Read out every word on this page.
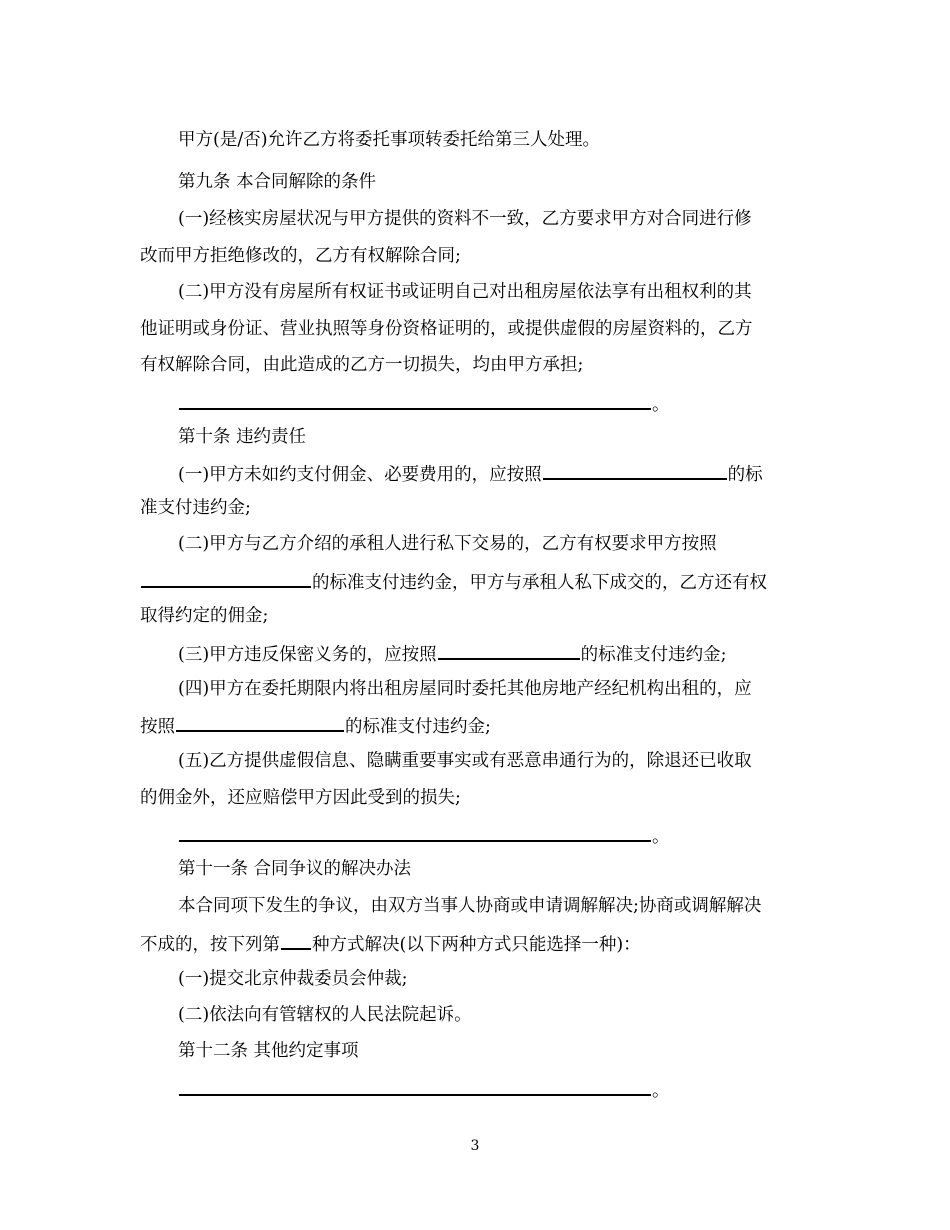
甲方(是/否)允许乙方将委托事项转委托给第三人处理。
第九条 本合同解除的条件
(一)经核实房屋状况与甲方提供的资料不一致，乙方要求甲方对合同进行修
改而甲方拒绝修改的，乙方有权解除合同;
(二)甲方没有房屋所有权证书或证明自己对出租房屋依法享有出租权利的其
他证明或身份证、营业执照等身份资格证明的，或提供虚假的房屋资料的，乙方
有权解除合同，由此造成的乙方一切损失，均由甲方承担;
。
第十条 违约责任
(一)甲方未如约支付佣金、必要费用的，应按照	的标
准支付违约金;
(二)甲方与乙方介绍的承租人进行私下交易的，乙方有权要求甲方按照
的标准支付违约金，甲方与承租人私下成交的，乙方还有权
取得约定的佣金;
(三)甲方违反保密义务的，应按照	的标准支付违约金;
(四)甲方在委托期限内将出租房屋同时委托其他房地产经纪机构出租的，应
按照	的标准支付违约金;
(五)乙方提供虚假信息、隐瞒重要事实或有恶意串通行为的，除退还已收取
的佣金外，还应赔偿甲方因此受到的损失;
。
第十一条 合同争议的解决办法
本合同项下发生的争议，由双方当事人协商或申请调解解决;协商或调解解决
不成的，按下列第 种方式解决(以下两种方式只能选择一种)：
(一)提交北京仲裁委员会仲裁;
(二)依法向有管辖权的人民法院起诉。
第十二条 其他约定事项
。
3
